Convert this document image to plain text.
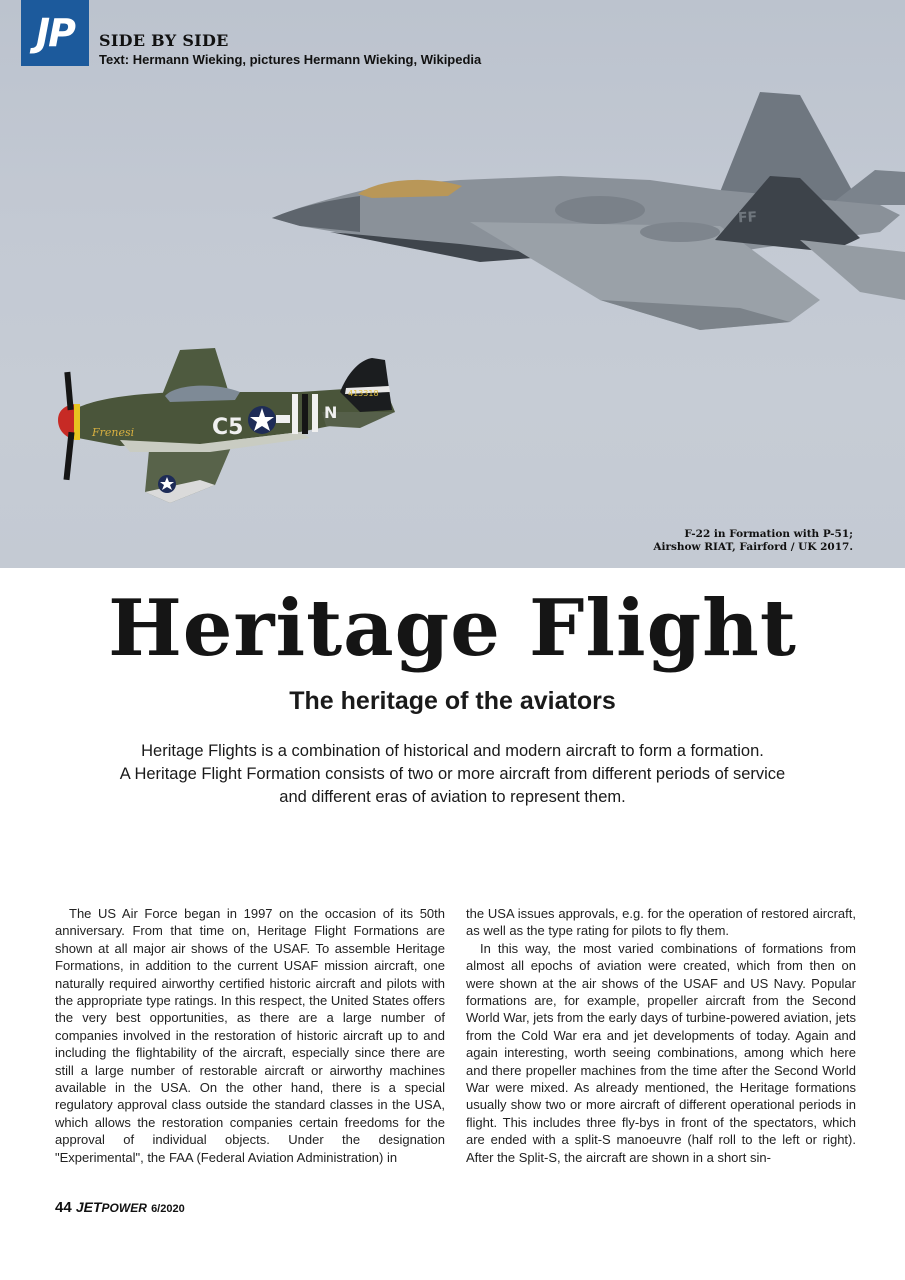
FF
C5
N
413318
Frenesi
JP SIDE BY SIDE
Text: Hermann Wieking, pictures Hermann Wieking, Wikipedia
F-22 in Formation with P-51;
Airshow RIAT, Fairford / UK 2017.
Heritage Flight
The heritage of the aviators
Heritage Flights is a combination of historical and modern aircraft to form a formation.
A Heritage Flight Formation consists of two or more aircraft from different periods of service
and different eras of aviation to represent them.

The US Air Force began in 1997 on the occasion of its 50th anniversary. From that time on, Heritage Flight Formations are shown at all major air shows of the USAF. To assemble Heritage Formations, in addition to the current USAF mission aircraft, one naturally required airworthy certified historic aircraft and pilots with the appropriate type ratings. In this respect, the United States offers the very best opportunities, as there are a large number of companies involved in the restoration of historic aircraft up to and including the flightability of the aircraft, especially since there are still a large number of restorable aircraft or airworthy machines available in the USA. On the other hand, there is a special regulatory approval class outside the standard classes in the USA, which allows the restoration companies certain freedoms for the approval of individual objects. Under the designation "Experimental", the FAA (Federal Aviation Administration) in

the USA issues approvals, e.g. for the operation of restored aircraft, as well as the type rating for pilots to fly them.

In this way, the most varied combinations of formations from almost all epochs of aviation were created, which from then on were shown at the air shows of the USAF and US Navy. Popular formations are, for example, propeller aircraft from the Second World War, jets from the early days of turbine-powered aviation, jets from the Cold War era and jet developments of today. Again and again interesting, worth seeing combinations, among which here and there propeller machines from the time after the Second World War were mixed. As already mentioned, the Heritage formations usually show two or more aircraft of different operational periods in flight. This includes three fly-bys in front of the spectators, which are ended with a split-S manoeuvre (half roll to the left or right). After the Split-S, the aircraft are shown in a short sin-

44 JETPOWER 6/2020
